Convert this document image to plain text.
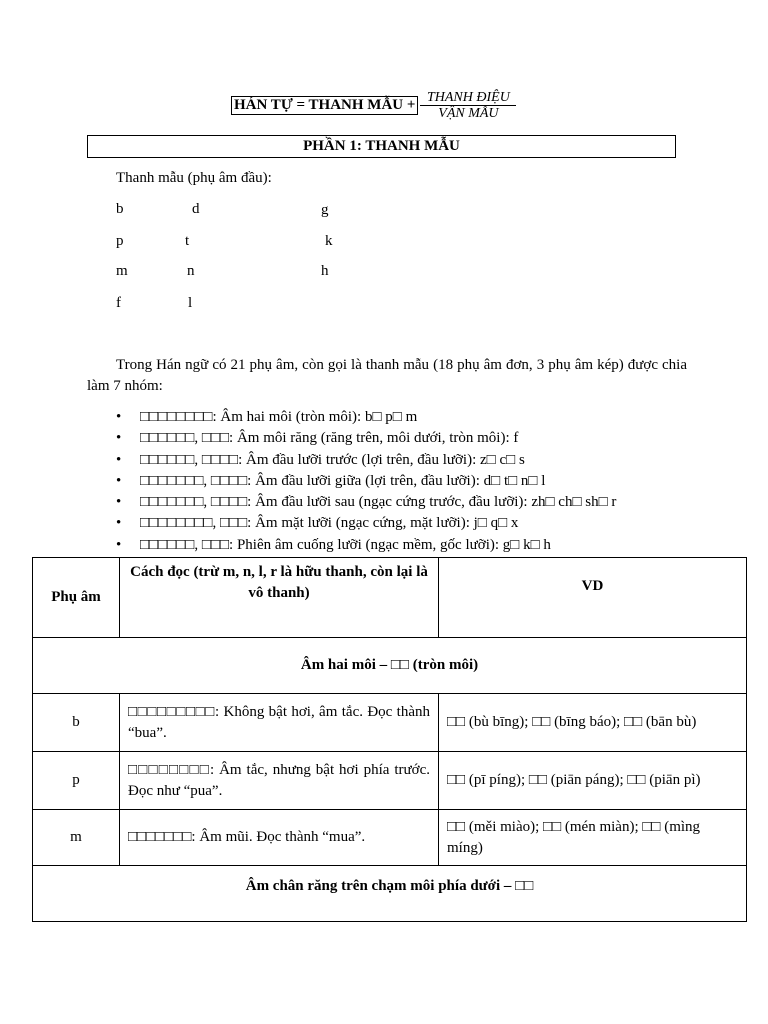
HÁN TỰ = THANH MẪU + $\frac{\text{THANH ĐIỆU}}{\text{VẬN MẪU}}$
PHẦN 1: THANH MẪU
Thanh mẫu (phụ âm đầu):
b	d	g
p	t	k
m	n	h
f	l
Trong Hán ngữ có 21 phụ âm, còn gọi là thanh mẫu (18 phụ âm đơn, 3 phụ âm kép) được chia làm 7 nhóm:
• □□□□□□□□: Âm hai môi (tròn môi): b□ p□ m
• □□□□□□, □□□: Âm môi răng (răng trên, môi dưới, tròn môi): f
• □□□□□□, □□□□: Âm đầu lưỡi trước (lợi trên, đầu lưỡi): z□ c□ s
• □□□□□□□, □□□□: Âm đầu lưỡi giữa (lợi trên, đầu lưỡi): d□ t□ n□ l
• □□□□□□□, □□□□: Âm đầu lưỡi sau (ngạc cứng trước, đầu lưỡi): zh□ ch□ sh□ r
• □□□□□□□□, □□□: Âm mặt lưỡi (ngạc cứng, mặt lưỡi): j□ q□ x
• □□□□□□, □□□: Phiên âm cuống lưỡi (ngạc mềm, gốc lưỡi): g□ k□ h
Phụ âm	Cách đọc (trừ m, n, l, r là hữu thanh, còn lại là vô thanh)	VD
Âm hai môi – □□ (tròn môi)		
b	□□□□□□□□□: Không bật hơi, âm tắc. Đọc thành “bua”.	□□ (bù bīng); □□ (bīng báo); □□ (bān bù)
p	□□□□□□□□: Âm tắc, nhưng bật hơi phía trước. Đọc như “pua”.	□□ (pī píng); □□ (piān páng); □□ (piān pì)
m	□□□□□□□: Âm mũi. Đọc thành “mua”.	□□ (měi miào); □□ (mén miàn); □□ (mìng míng)
Âm chân răng trên chạm môi phía dưới – □□		
